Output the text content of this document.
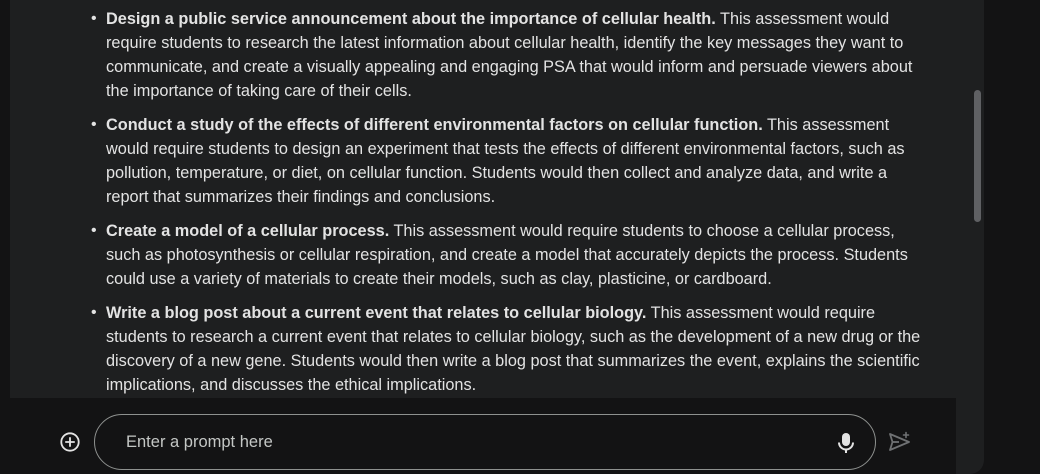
• Design a public service announcement about the importance of cellular health. This assessment would require students to research the latest information about cellular health, identify the key messages they want to communicate, and create a visually appealing and engaging PSA that would inform and persuade viewers about the importance of taking care of their cells.
• Conduct a study of the effects of different environmental factors on cellular function. This assessment would require students to design an experiment that tests the effects of different environmental factors, such as pollution, temperature, or diet, on cellular function. Students would then collect and analyze data, and write a report that summarizes their findings and conclusions.
• Create a model of a cellular process. This assessment would require students to choose a cellular process, such as photosynthesis or cellular respiration, and create a model that accurately depicts the process. Students could use a variety of materials to create their models, such as clay, plasticine, or cardboard.
• Write a blog post about a current event that relates to cellular biology. This assessment would require students to research a current event that relates to cellular biology, such as the development of a new drug or the discovery of a new gene. Students would then write a blog post that summarizes the event, explains the scientific implications, and discusses the ethical implications.
Enter a prompt here
